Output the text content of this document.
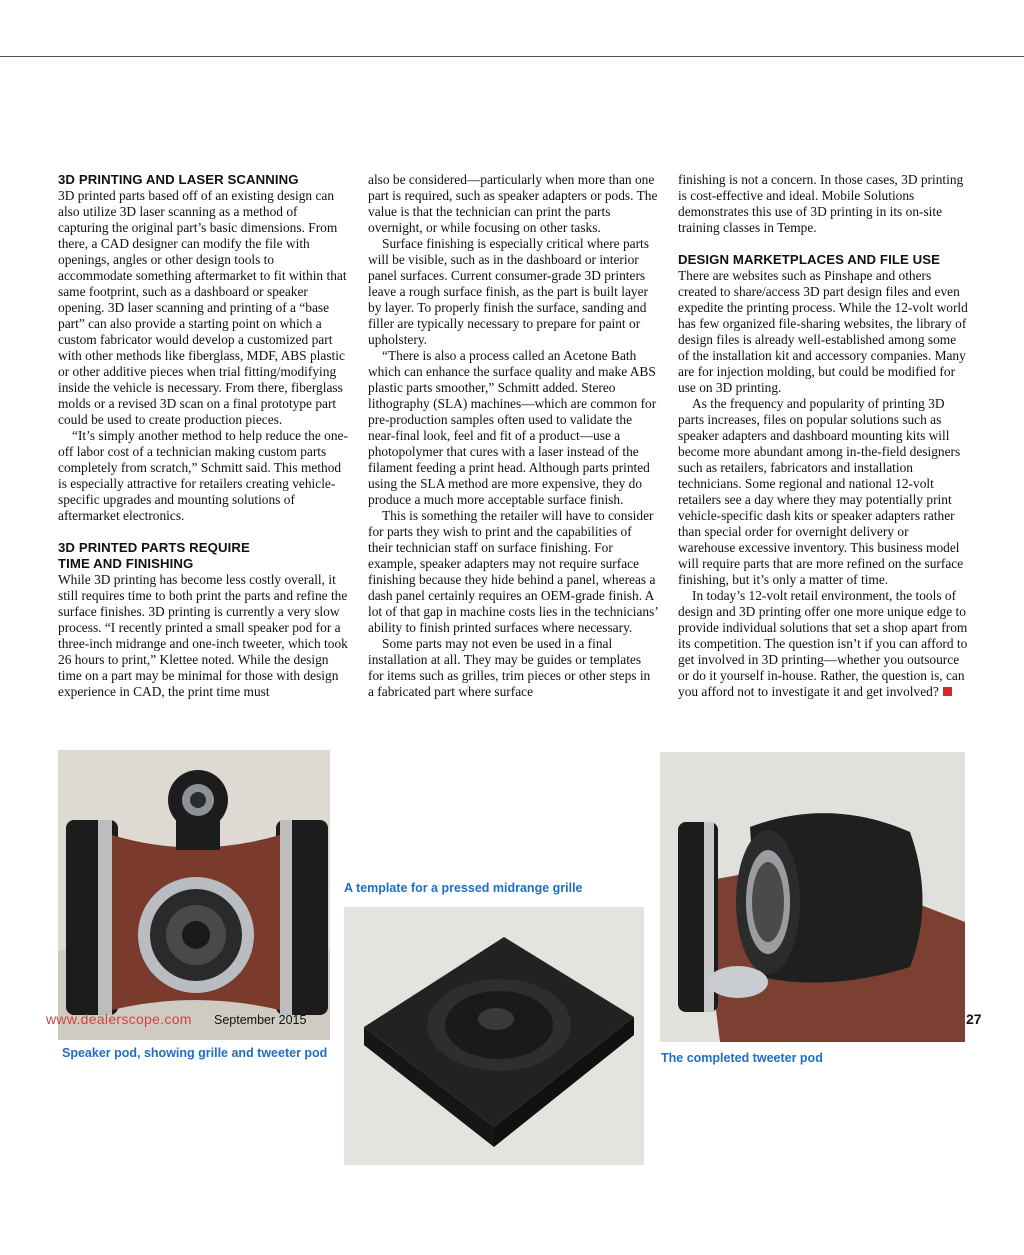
3D PRINTING AND LASER SCANNING

3D printed parts based off of an existing design can also utilize 3D laser scanning as a method of capturing the original part’s basic dimensions. From there, a CAD designer can modify the file with openings, angles or other design tools to accommodate something aftermarket to fit within that same footprint, such as a dashboard or speaker opening. 3D laser scanning and printing of a “base part” can also provide a starting point on which a custom fabricator would develop a customized part with other methods like fiberglass, MDF, ABS plastic or other additive pieces when trial fitting/modifying inside the vehicle is necessary. From there, fiberglass molds or a revised 3D scan on a final prototype part could be used to create production pieces.

“It’s simply another method to help reduce the one-off labor cost of a technician making custom parts completely from scratch,” Schmitt said. This method is especially attractive for retailers creating vehicle-specific upgrades and mounting solutions of aftermarket electronics.

3D PRINTED PARTS REQUIRE
TIME AND FINISHING

While 3D printing has become less costly overall, it still requires time to both print the parts and refine the surface finishes. 3D printing is currently a very slow process. “I recently printed a small speaker pod for a three-inch midrange and one-inch tweeter, which took 26 hours to print,” Klettee noted. While the design time on a part may be minimal for those with design experience in CAD, the print time must

also be considered—particularly when more than one part is required, such as speaker adapters or pods. The value is that the technician can print the parts overnight, or while focusing on other tasks.

Surface finishing is especially critical where parts will be visible, such as in the dashboard or interior panel surfaces. Current consumer-grade 3D printers leave a rough surface finish, as the part is built layer by layer. To properly finish the surface, sanding and filler are typically necessary to prepare for paint or upholstery.

“There is also a process called an Acetone Bath which can enhance the surface quality and make ABS plastic parts smoother,” Schmitt added. Stereo lithography (SLA) machines—which are common for pre-production samples often used to validate the near-final look, feel and fit of a product—use a photopolymer that cures with a laser instead of the filament feeding a print head. Although parts printed using the SLA method are more expensive, they do produce a much more acceptable surface finish.

This is something the retailer will have to consider for parts they wish to print and the capabilities of their technician staff on surface finishing. For example, speaker adapters may not require surface finishing because they hide behind a panel, whereas a dash panel certainly requires an OEM-grade finish. A lot of that gap in machine costs lies in the technicians’ ability to finish printed surfaces where necessary.

Some parts may not even be used in a final installation at all. They may be guides or templates for items such as grilles, trim pieces or other steps in a fabricated part where surface

finishing is not a concern. In those cases, 3D printing is cost-effective and ideal. Mobile Solutions demonstrates this use of 3D printing in its on-site training classes in Tempe.

DESIGN MARKETPLACES AND FILE USE

There are websites such as Pinshape and others created to share/access 3D part design files and even expedite the printing process. While the 12-volt world has few organized file-sharing websites, the library of design files is already well-established among some of the installation kit and accessory companies. Many are for injection molding, but could be modified for use on 3D printing.

As the frequency and popularity of printing 3D parts increases, files on popular solutions such as speaker adapters and dashboard mounting kits will become more abundant among in-the-field designers such as retailers, fabricators and installation technicians. Some regional and national 12-volt retailers see a day where they may potentially print vehicle-specific dash kits or speaker adapters rather than special order for overnight delivery or warehouse excessive inventory. This business model will require parts that are more refined on the surface finishing, but it’s only a matter of time.

In today’s 12-volt retail environment, the tools of design and 3D printing offer one more unique edge to provide individual solutions that set a shop apart from its competition. The question isn’t if you can afford to get involved in 3D printing—whether you outsource or do it yourself in-house. Rather, the question is, can you afford not to investigate it and get involved?

Speaker pod, showing grille and tweeter pod
A template for a pressed midrange grille
The completed tweeter pod
www.dealerscope.com September 2015	27
